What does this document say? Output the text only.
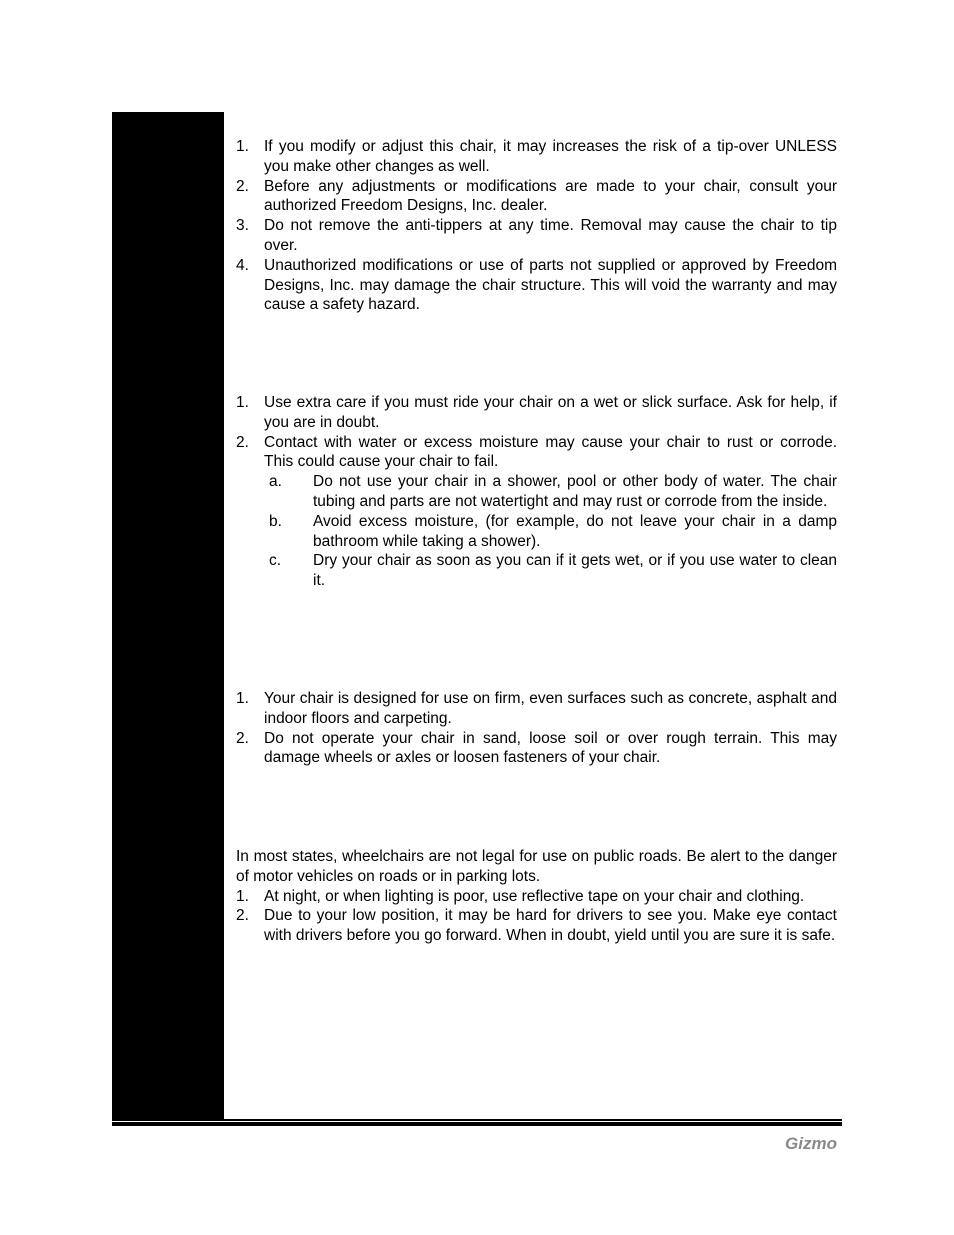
1. If you modify or adjust this chair, it may increases the risk of a tip-over UNLESS you make other changes as well.
2. Before any adjustments or modifications are made to your chair, consult your authorized Freedom Designs, Inc. dealer.
3. Do not remove the anti-tippers at any time. Removal may cause the chair to tip over.
4. Unauthorized modifications or use of parts not supplied or approved by Freedom Designs, Inc. may damage the chair structure. This will void the warranty and may cause a safety hazard.
1. Use extra care if you must ride your chair on a wet or slick surface. Ask for help, if you are in doubt.
2. Contact with water or excess moisture may cause your chair to rust or corrode. This could cause your chair to fail.
a. Do not use your chair in a shower, pool or other body of water. The chair tubing and parts are not watertight and may rust or corrode from the inside.
b. Avoid excess moisture, (for example, do not leave your chair in a damp bathroom while taking a shower).
c. Dry your chair as soon as you can if it gets wet, or if you use water to clean it.
1. Your chair is designed for use on firm, even surfaces such as concrete, asphalt and indoor floors and carpeting.
2. Do not operate your chair in sand, loose soil or over rough terrain. This may damage wheels or axles or loosen fasteners of your chair.
In most states, wheelchairs are not legal for use on public roads. Be alert to the danger of motor vehicles on roads or in parking lots.
1. At night, or when lighting is poor, use reflective tape on your chair and clothing.
2. Due to your low position, it may be hard for drivers to see you. Make eye contact with drivers before you go forward. When in doubt, yield until you are sure it is safe.
Gizmo
